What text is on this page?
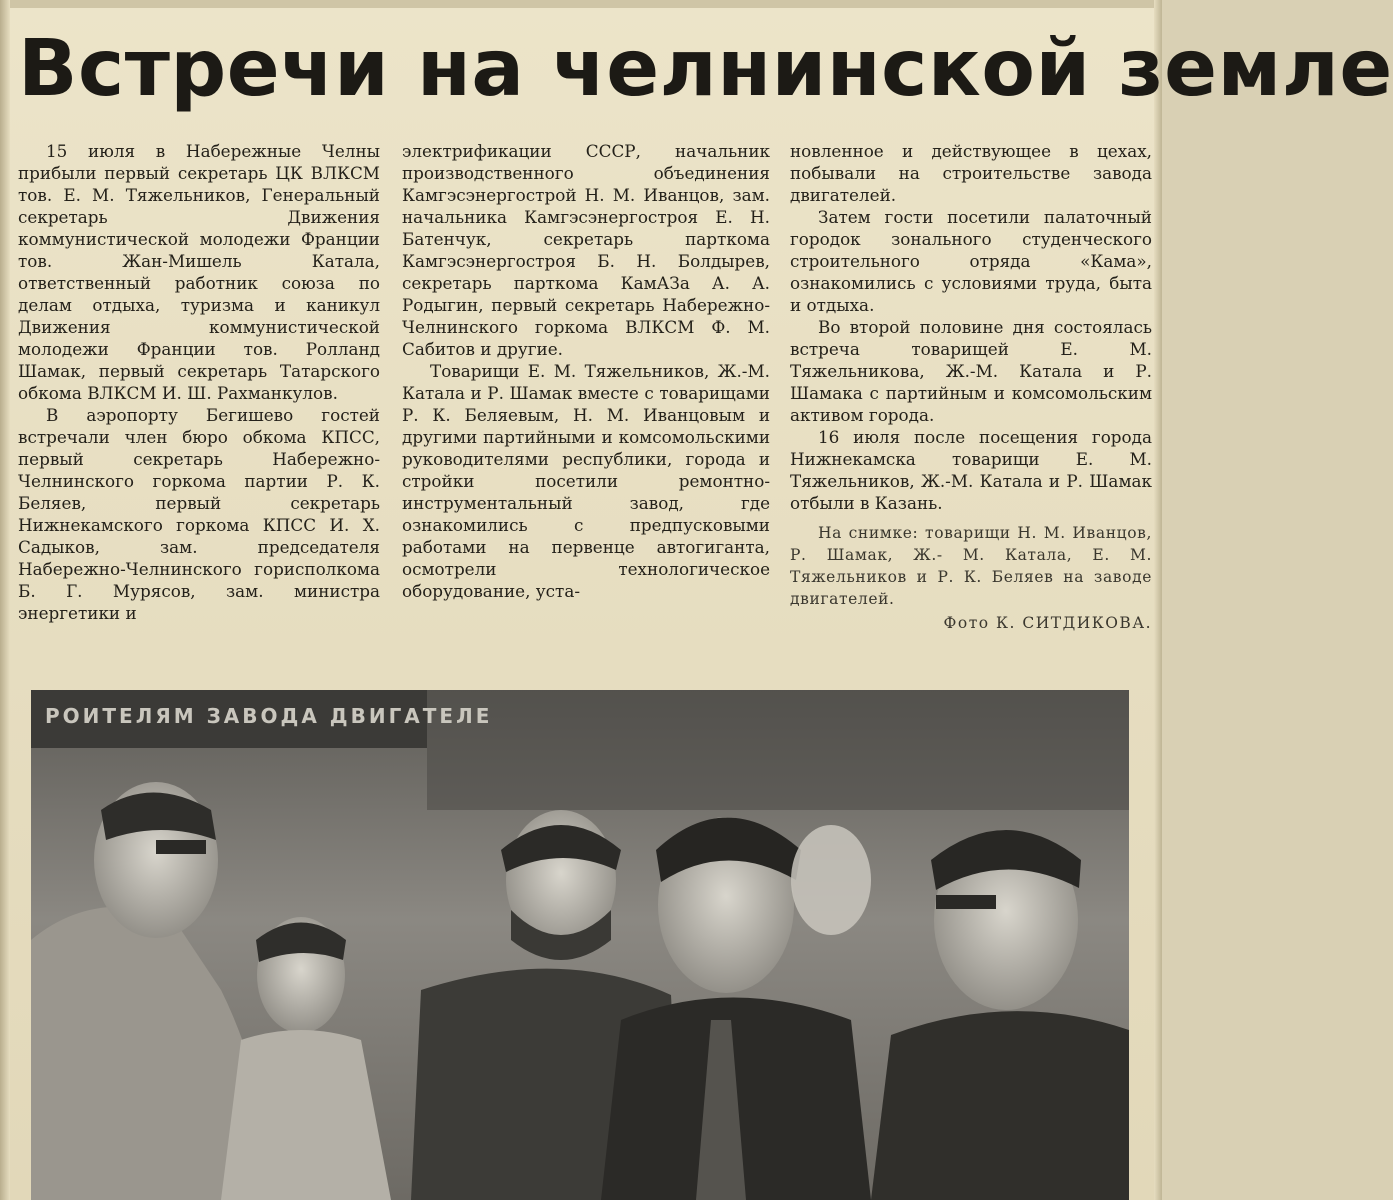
Встречи на челнинской земле

15 июля в Набережные Челны прибыли первый секретарь ЦК ВЛКСМ тов. Е. М. Тяжельников, Генеральный секретарь Движения коммунистической молодежи Франции тов. Жан-Мишель Катала, ответственный работник союза по делам отдыха, туризма и каникул Движения коммунистической молодежи Франции тов. Ролланд Шамак, первый секретарь Татарского обкома ВЛКСМ И. Ш. Рахманкулов.

В аэропорту Бегишево гостей встречали член бюро обкома КПСС, первый секретарь Набережно-Челнинского горкома партии Р. К. Беляев, первый секретарь Нижнекамского горкома КПСС И. Х. Садыков, зам. председателя Набережно-Челнинского горисполкома Б. Г. Мурясов, зам. министра энергетики и

электрификации СССР, начальник производственного объединения Камгэсэнергострой Н. М. Иванцов, зам. начальника Камгэсэнергостроя Е. Н. Батенчук, секретарь парткома Камгэсэнергостроя Б. Н. Болдырев, секретарь парткома КамАЗа А. А. Родыгин, первый секретарь Набережно-Челнинского горкома ВЛКСМ Ф. М. Сабитов и другие.

Товарищи Е. М. Тяжельников, Ж.-М. Катала и Р. Шамак вместе с товарищами Р. К. Беляевым, Н. М. Иванцовым и другими партийными и комсомольскими руководителями республики, города и стройки посетили ремонтно-инструментальный завод, где ознакомились с предпусковыми работами на первенце автогиганта, осмотрели технологическое оборудование, уста-

новленное и действующее в цехах, побывали на строительстве завода двигателей.

Затем гости посетили палаточный городок зонального студенческого строительного отряда «Кама», ознакомились с условиями труда, быта и отдыха.

Во второй половине дня состоялась встреча товарищей Е. М. Тяжельникова, Ж.-М. Катала и Р. Шамака с партийным и комсомольским активом города.

16 июля после посещения города Нижнекамска товарищи Е. М. Тяжельников, Ж.-М. Катала и Р. Шамак отбыли в Казань.

На снимке: товарищи Н. М. Иванцов, Р. Шамак, Ж.- М. Катала, Е. М. Тяжельников и Р. К. Беляев на заводе двигателей.

Фото К. СИТДИКОВА.
РОИТЕЛЯМ ЗАВОДА ДВИГАТЕЛЕ
